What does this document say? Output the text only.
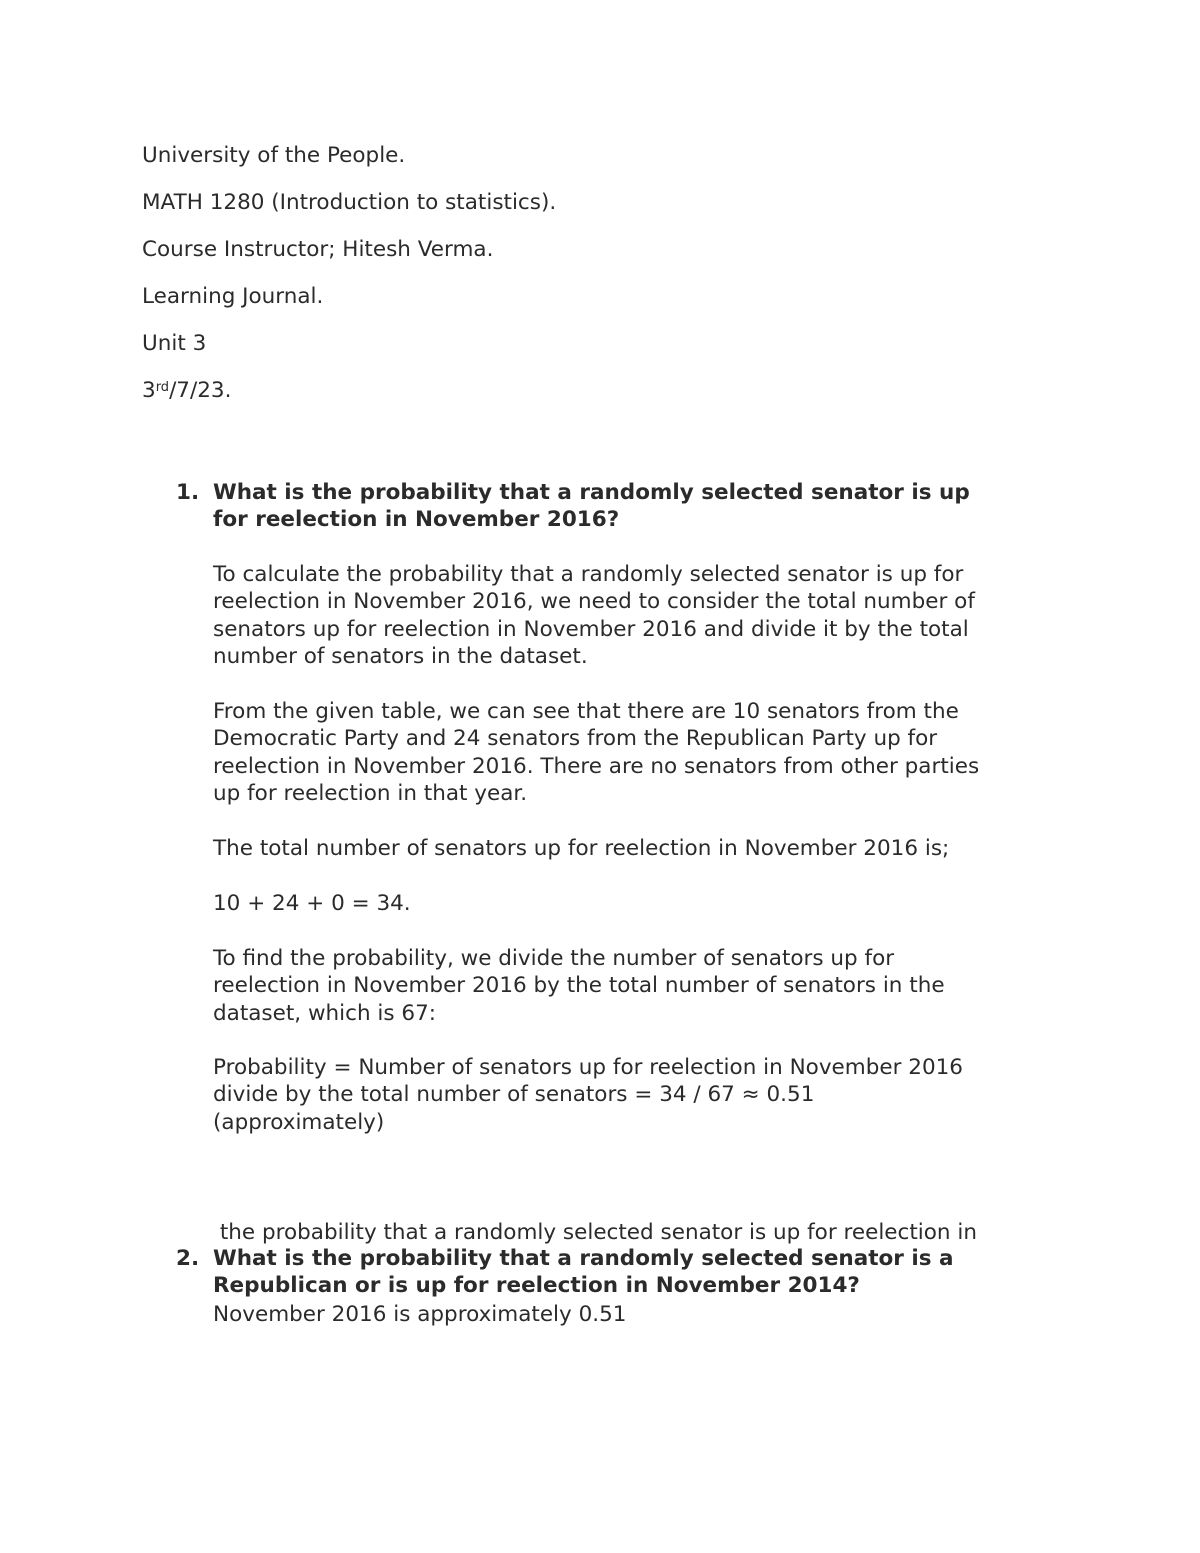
University of the People.
MATH 1280 (Introduction to statistics).
Course Instructor; Hitesh Verma.
Learning Journal.
Unit 3
3rd/7/23.
1. What is the probability that a randomly selected senator is up
for reelection in November 2016?
To calculate the probability that a randomly selected senator is up for
reelection in November 2016, we need to consider the total number of
senators up for reelection in November 2016 and divide it by the total
number of senators in the dataset.
From the given table, we can see that there are 10 senators from the
Democratic Party and 24 senators from the Republican Party up for
reelection in November 2016. There are no senators from other parties
up for reelection in that year.
The total number of senators up for reelection in November 2016 is;
10 + 24 + 0 = 34.
To find the probability, we divide the number of senators up for
reelection in November 2016 by the total number of senators in the
dataset, which is 67:
Probability = Number of senators up for reelection in November 2016
divide by the total number of senators = 34 / 67 ≈ 0.51
(approximately)

the probability that a randomly selected senator is up for reelection in

November 2016 is approximately 0.51

2. What is the probability that a randomly selected senator is a
Republican or is up for reelection in November 2014?
